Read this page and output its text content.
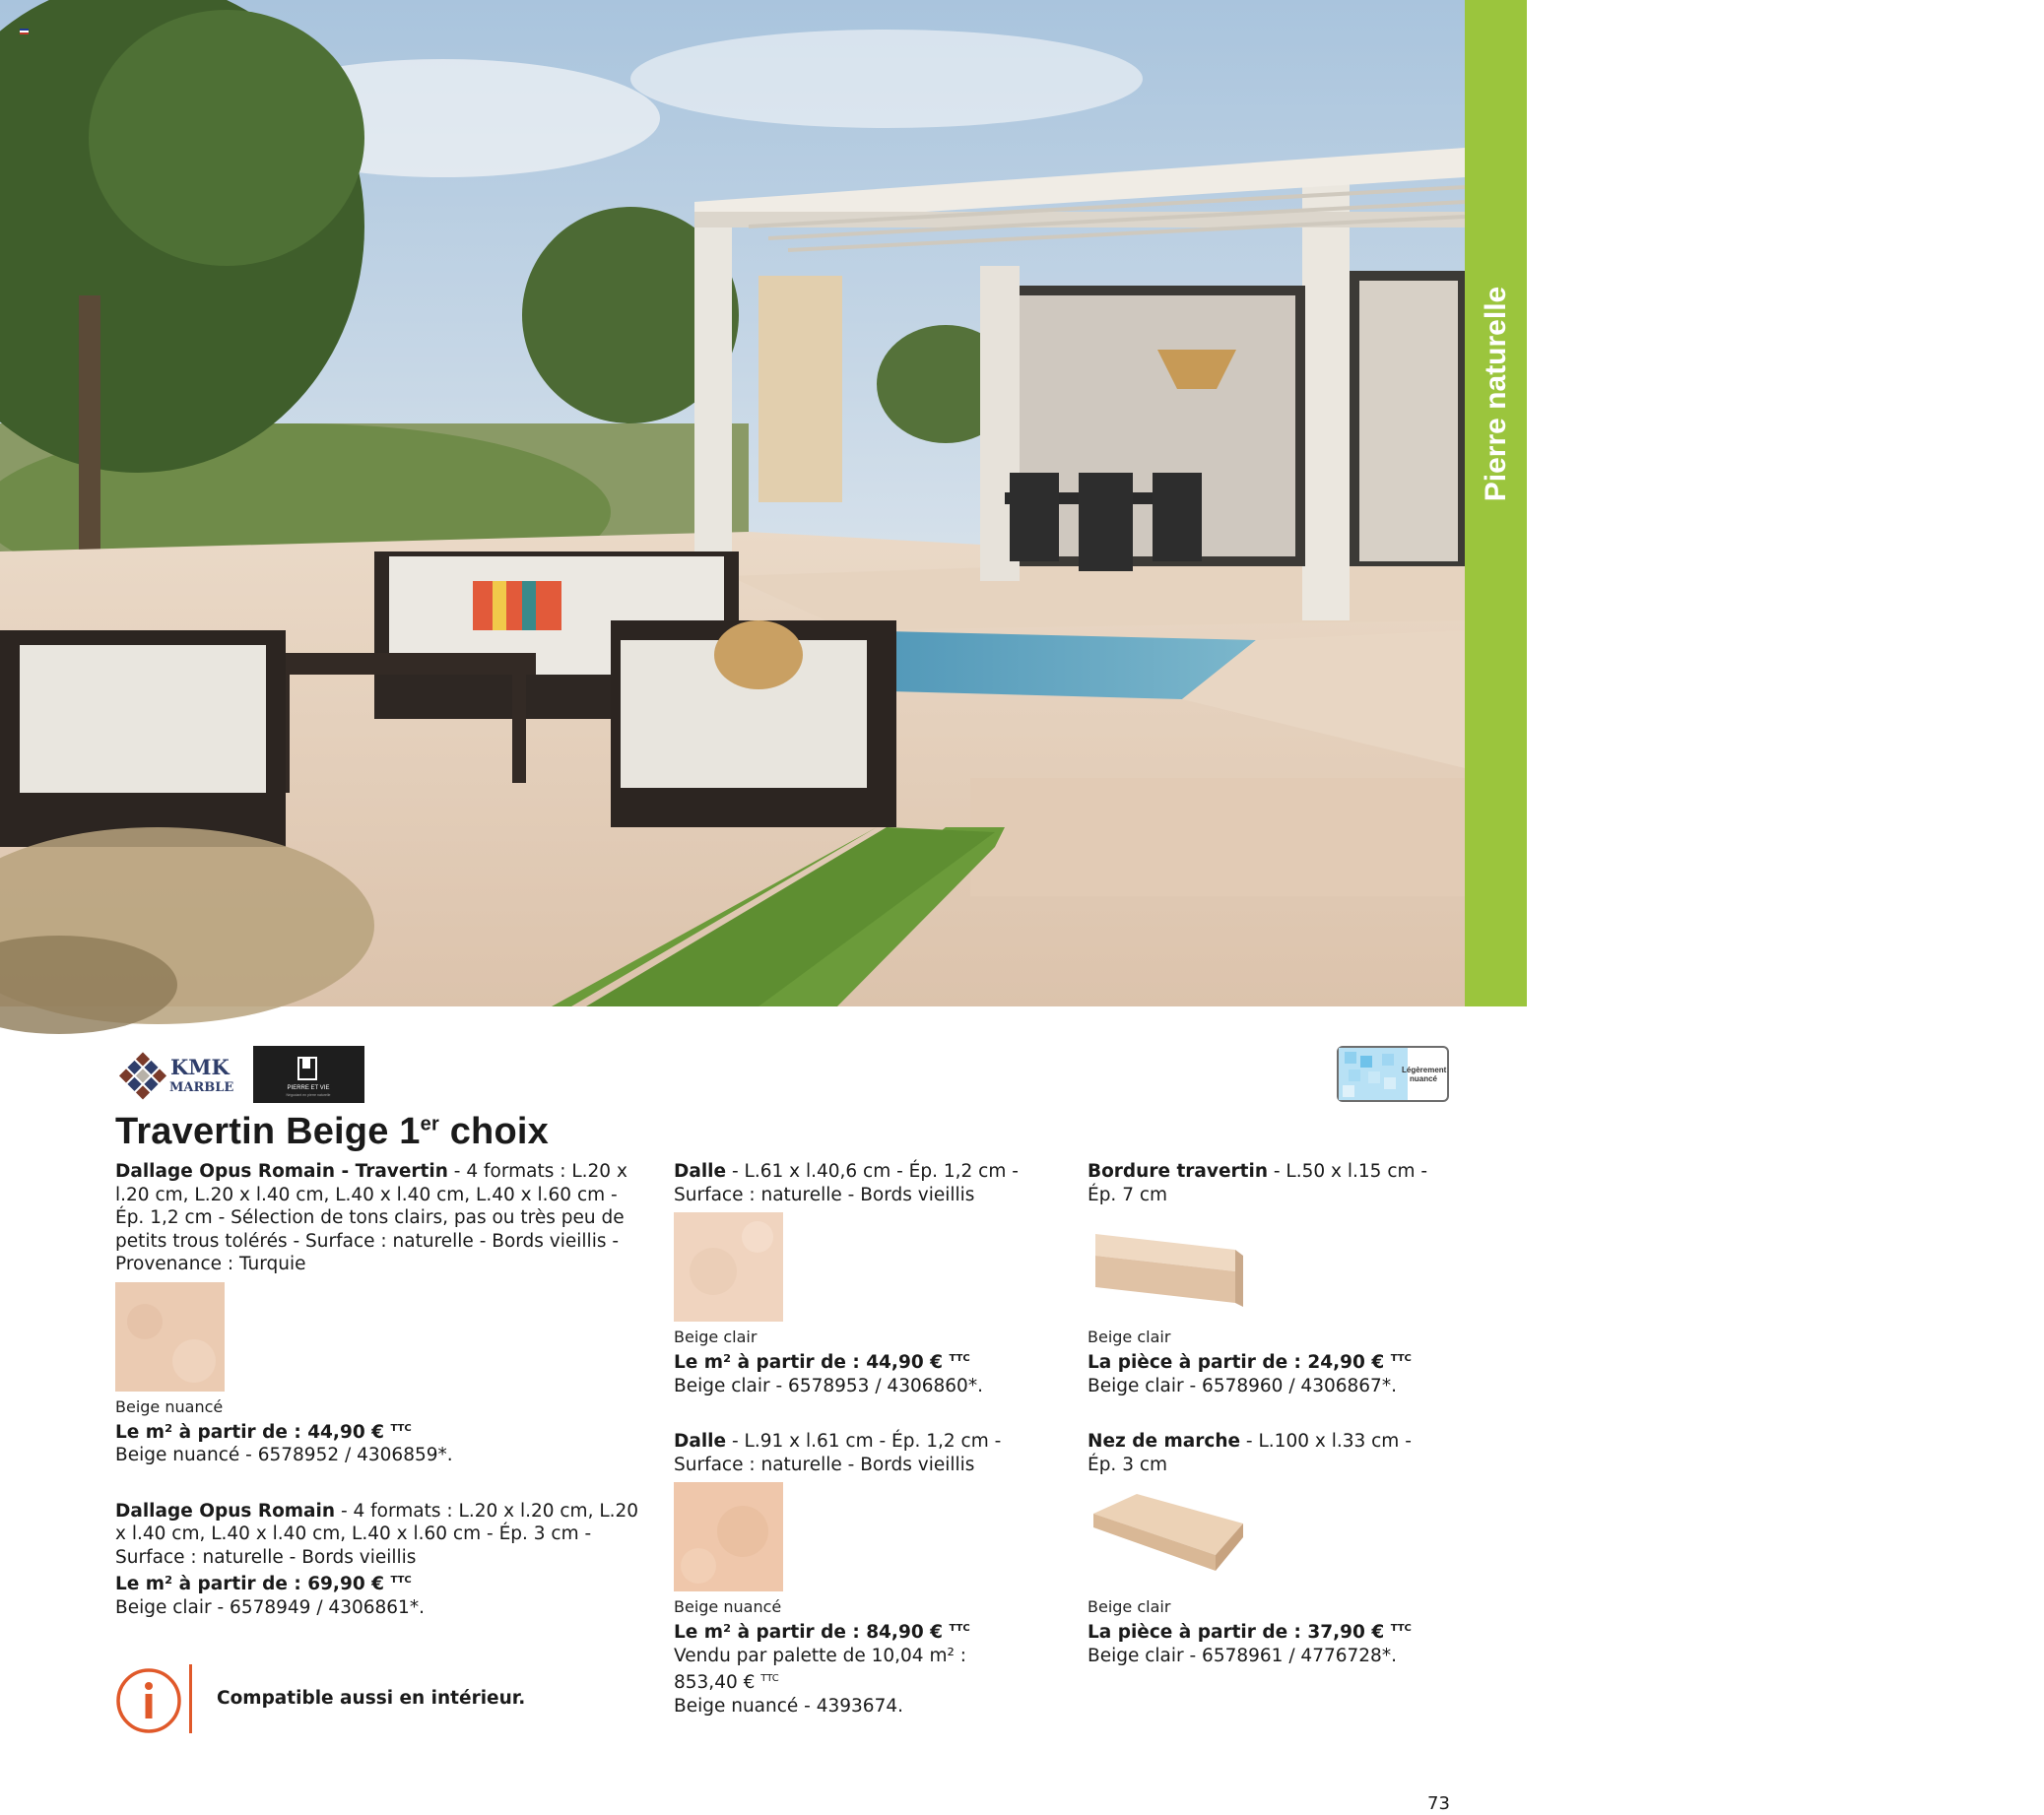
Terrasse et sol extérieur >
Pierre naturelle
KMK
MARBLE	PIERRE ET VIE
Négociant en pierre naturelle
Légèrement
nuancé
Travertin Beige 1er choix

Dallage Opus Romain - Travertin - 4 formats : L.20 x l.20 cm, L.20 x l.40 cm, L.40 x l.40 cm, L.40 x l.60 cm - Ép. 1,2 cm - Sélection de tons clairs, pas ou très peu de petits trous tolérés - Surface : naturelle - Bords vieillis - Provenance : Turquie

Beige nuancé

Le m² à partir de : 44,90 € $^{TTC}$

Beige nuancé - 6578952 / 4306859*.

Dallage Opus Romain - 4 formats : L.20 x l.20 cm, L.20 x l.40 cm, L.40 x l.40 cm, L.40 x l.60 cm - Ép. 3 cm - Surface : naturelle - Bords vieillis

Le m² à partir de : 69,90 € $^{TTC}$

Beige clair - 6578949 / 4306861*.

Dalle - L.61 x l.40,6 cm - Ép. 1,2 cm - Surface : naturelle - Bords vieillis

Beige clair

Le m² à partir de : 44,90 € $^{TTC}$

Beige clair - 6578953 / 4306860*.

Dalle - L.91 x l.61 cm - Ép. 1,2 cm - Surface : naturelle - Bords vieillis

Beige nuancé

Le m² à partir de : 84,90 € $^{TTC}$

Vendu par palette de 10,04 m² : 853,40 € $^{TTC}$

Beige nuancé - 4393674.

Bordure travertin - L.50 x l.15 cm - Ép. 7 cm

Beige clair

La pièce à partir de : 24,90 € $^{TTC}$

Beige clair - 6578960 / 4306867*.

Nez de marche - L.100 x l.33 cm - Ép. 3 cm

Beige clair

La pièce à partir de : 37,90 € $^{TTC}$

Beige clair - 6578961 / 4776728*.

Compatible aussi en intérieur.
73
